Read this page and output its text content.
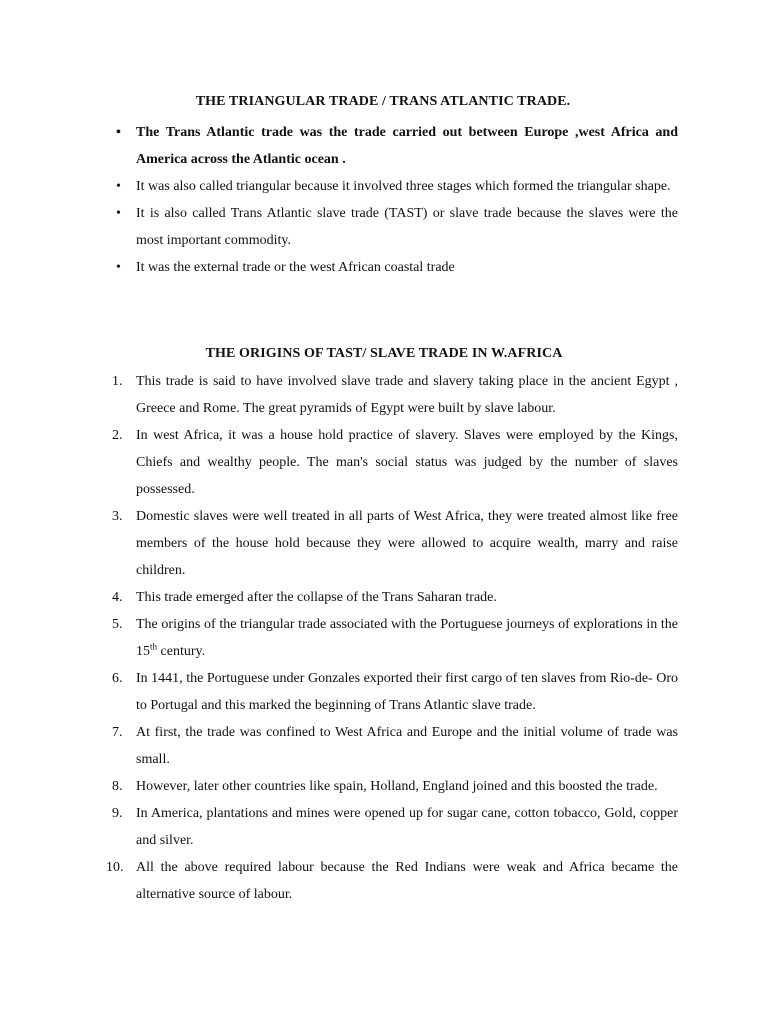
THE TRIANGULAR TRADE / TRANS ATLANTIC TRADE.
• The Trans Atlantic trade was the trade carried out between Europe ,west Africa and America across the Atlantic ocean .
• It was also called triangular because it involved three stages which formed the triangular shape.
• It is also called Trans Atlantic slave trade (TAST) or slave trade because the slaves were the most important commodity.
• It was the external trade or the west African coastal trade
THE ORIGINS OF TAST/ SLAVE TRADE IN W.AFRICA
1. This trade is said to have involved slave trade and slavery taking place in the ancient Egypt , Greece and Rome. The great pyramids of Egypt were built by slave labour.
2. In west Africa, it was a house hold practice of slavery. Slaves were employed by the Kings, Chiefs and wealthy people. The man's social status was judged by the number of slaves possessed.
3. Domestic slaves were well treated in all parts of West Africa, they were treated almost like free members of the house hold because they were allowed to acquire wealth, marry and raise children.
4. This trade emerged after the collapse of the Trans Saharan trade.
5. The origins of the triangular trade associated with the Portuguese journeys of explorations in the 15th century.
6. In 1441, the Portuguese under Gonzales exported their first cargo of ten slaves from Rio-de- Oro to Portugal and this marked the beginning of Trans Atlantic slave trade.
7. At first, the trade was confined to West Africa and Europe and the initial volume of trade was small.
8. However, later other countries like spain, Holland, England joined and this boosted the trade.
9. In America, plantations and mines were opened up for sugar cane, cotton tobacco, Gold, copper and silver.
10. All the above required labour because the Red Indians were weak and Africa became the alternative source of labour.
